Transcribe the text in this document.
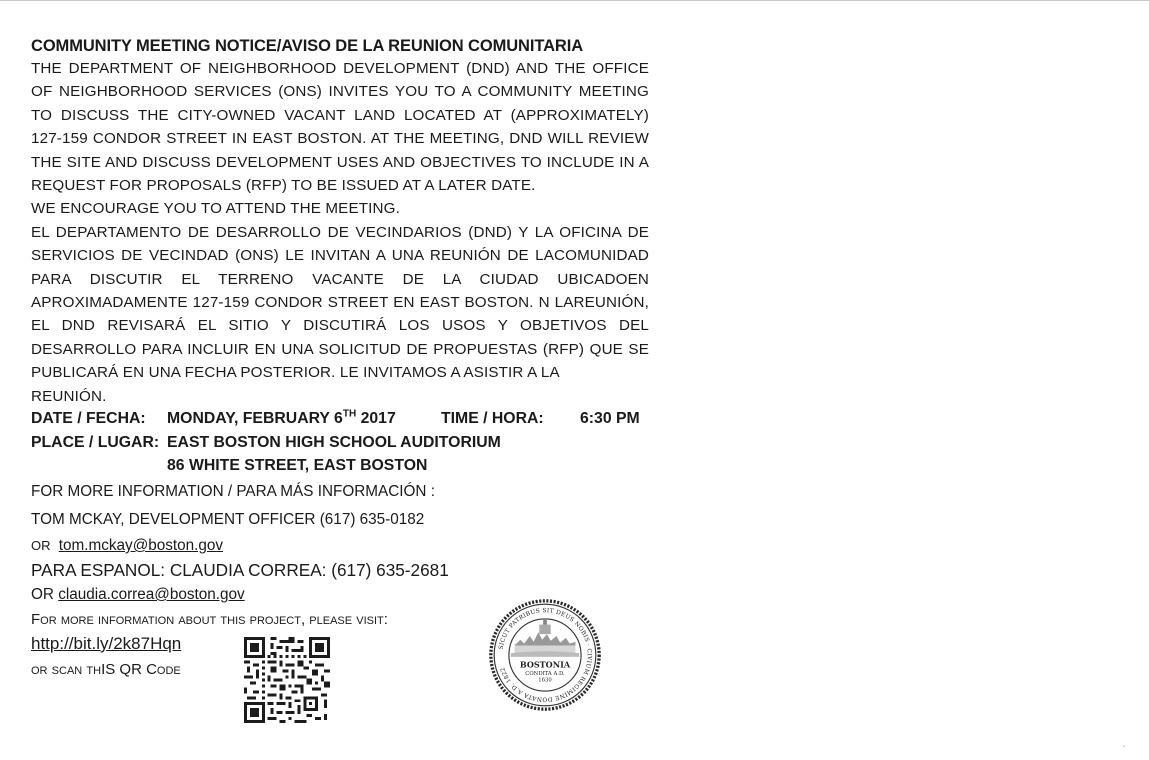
COMMUNITY MEETING NOTICE/AVISO DE LA REUNION COMUNITARIA
THE DEPARTMENT OF NEIGHBORHOOD DEVELOPMENT (DND) AND THE OFFICE OF NEIGHBORHOOD SERVICES (ONS) INVITES YOU TO A COMMUNITY MEETING TO DISCUSS THE CITY-OWNED VACANT LAND LOCATED AT (APPROXIMATELY) 127-159 CONDOR STREET IN EAST BOSTON. AT THE MEETING, DND WILL REVIEW THE SITE AND DISCUSS DEVELOPMENT USES AND OBJECTIVES TO INCLUDE IN A REQUEST FOR PROPOSALS (RFP) TO BE ISSUED AT A LATER DATE.
WE ENCOURAGE YOU TO ATTEND THE MEETING.
EL DEPARTAMENTO DE DESARROLLO DE VECINDARIOS (DND) Y LA OFICINA DE SERVICIOS DE VECINDAD (ONS) LE INVITAN A UNA REUNIÓN DE LACOMUNIDAD PARA DISCUTIR EL TERRENO VACANTE DE LA CIUDAD UBICADOEN APROXIMADAMENTE 127-159 CONDOR STREET EN EAST BOSTON. N LAREUNIÓN, EL DND REVISARÁ EL SITIO Y DISCUTIRÁ LOS USOS Y OBJETIVOS DEL DESARROLLO PARA INCLUIR EN UNA SOLICITUD DE PROPUESTAS (RFP) QUE SE PUBLICARÁ EN UNA FECHA POSTERIOR. LE INVITAMOS A ASISTIR A LA
REUNIÓN.
DATE / FECHA: MONDAY, FEBRUARY 6TH 2017	TIME / HORA: 6:30 PM
PLACE / LUGAR: EAST BOSTON HIGH SCHOOL AUDITORIUM
86 WHITE STREET, EAST BOSTON
FOR MORE INFORMATION / PARA MÁS INFORMACIÓN :
TOM MCKAY, DEVELOPMENT OFFICER (617) 635-0182
OR tom.mckay@boston.gov
PARA ESPANOL: CLAUDIA CORREA: (617) 635-2681
OR claudia.correa@boston.gov
For more information about this project, please visit:
http://bit.ly/2k87Hqn
or scan thIS QR Code
SICUT PATRIBUS SIT DEUS NOBIS · CIVIUM REGIMINE DONATA A.D. 1822	BOSTONIA
CONDITA A.D.
1630
